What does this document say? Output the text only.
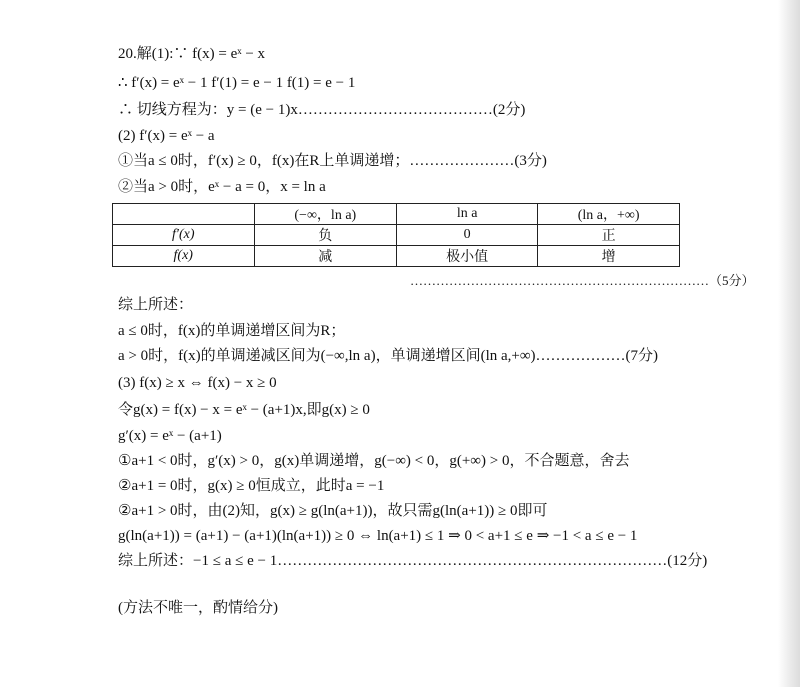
20.解(1):∵ f(x) = eˣ − x
∴ f′(x) = eˣ − 1 f′(1) = e − 1 f(1) = e − 1
∴ 切线方程为：y = (e − 1)x…………………………………(2分)
(2) f′(x) = eˣ − a
①当a ≤ 0时，f′(x) ≥ 0，f(x)在R上单调递增；…………………(3分)
②当a > 0时，eˣ − a = 0，x = ln a
	(−∞，ln a)	ln a	(ln a，+∞)
f′(x)	负	0	正
f(x)	减	极小值	增
……………………………………………………………（5分）
综上所述：
a ≤ 0时，f(x)的单调递增区间为R；
a > 0时，f(x)的单调递减区间为(−∞,ln a)，单调递增区间(ln a,+∞)………………(7分)
(3) f(x) ≥ x ⇔ f(x) − x ≥ 0
令g(x) = f(x) − x = eˣ − (a+1)x,即g(x) ≥ 0
g′(x) = eˣ − (a+1)
①a+1 < 0时，g′(x) > 0，g(x)单调递增，g(−∞) < 0，g(+∞) > 0，不合题意，舍去
②a+1 = 0时，g(x) ≥ 0恒成立，此时a = −1
②a+1 > 0时，由(2)知，g(x) ≥ g(ln(a+1))，故只需g(ln(a+1)) ≥ 0即可
g(ln(a+1)) = (a+1) − (a+1)(ln(a+1)) ≥ 0 ⇔ ln(a+1) ≤ 1 ⇒ 0 < a+1 ≤ e ⇒ −1 < a ≤ e − 1
综上所述：−1 ≤ a ≤ e − 1……………………………………………………………………(12分)
(方法不唯一，酌情给分)
